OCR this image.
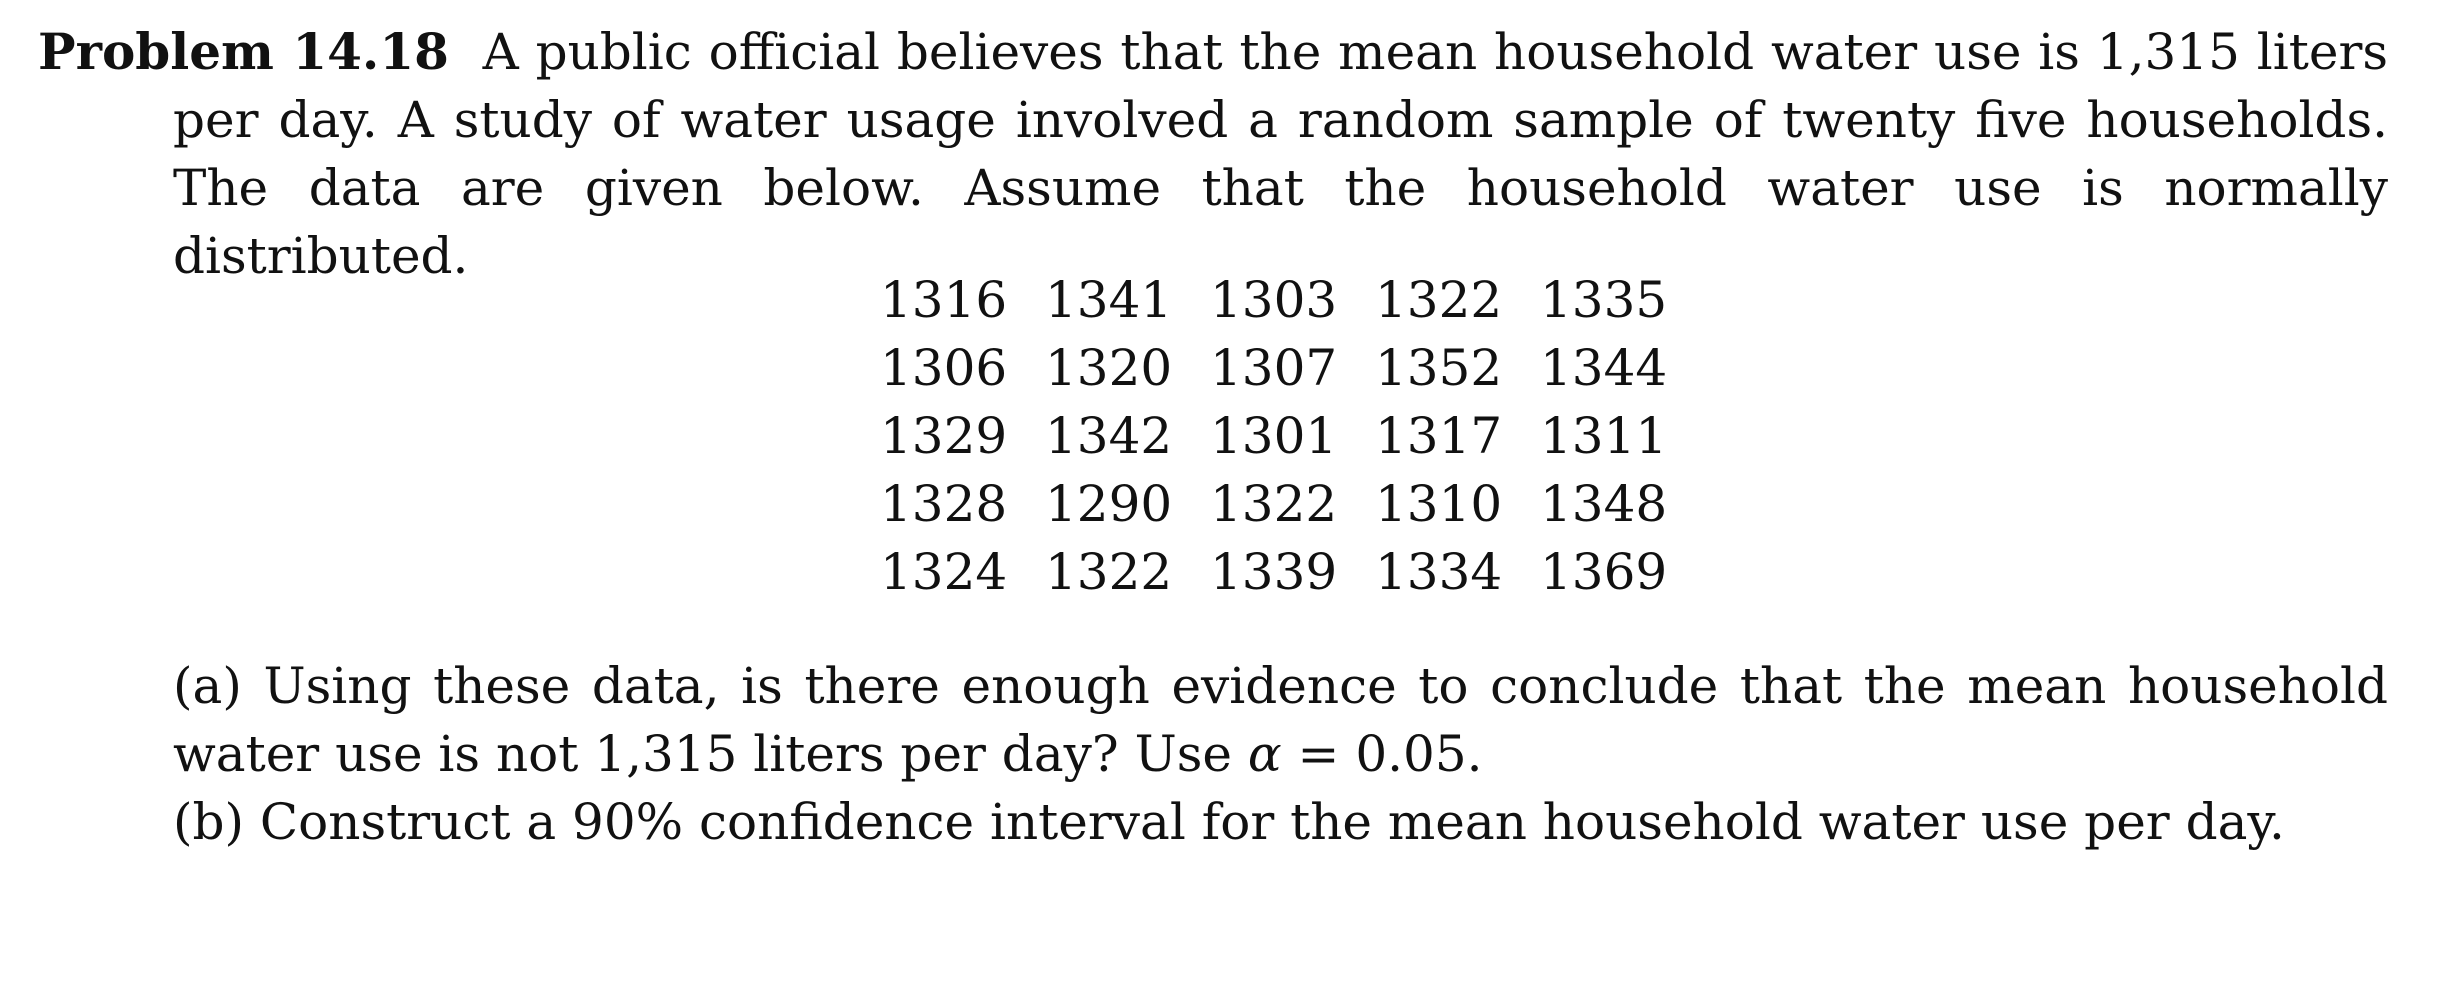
Problem 14.18 A public official believes that the mean household water use is 1,315 liters per day. A study of water usage involved a random sample of twenty five households. The data are given below. Assume that the household water use is normally distributed.

1316	1341	1303	1322	1335
1306	1320	1307	1352	1344
1329	1342	1301	1317	1311
1328	1290	1322	1310	1348
1324	1322	1339	1334	1369

(a) Using these data, is there enough evidence to conclude that the mean household water use is not 1,315 liters per day? Use α = 0.05.

(b) Construct a 90% confidence interval for the mean household water use per day.
